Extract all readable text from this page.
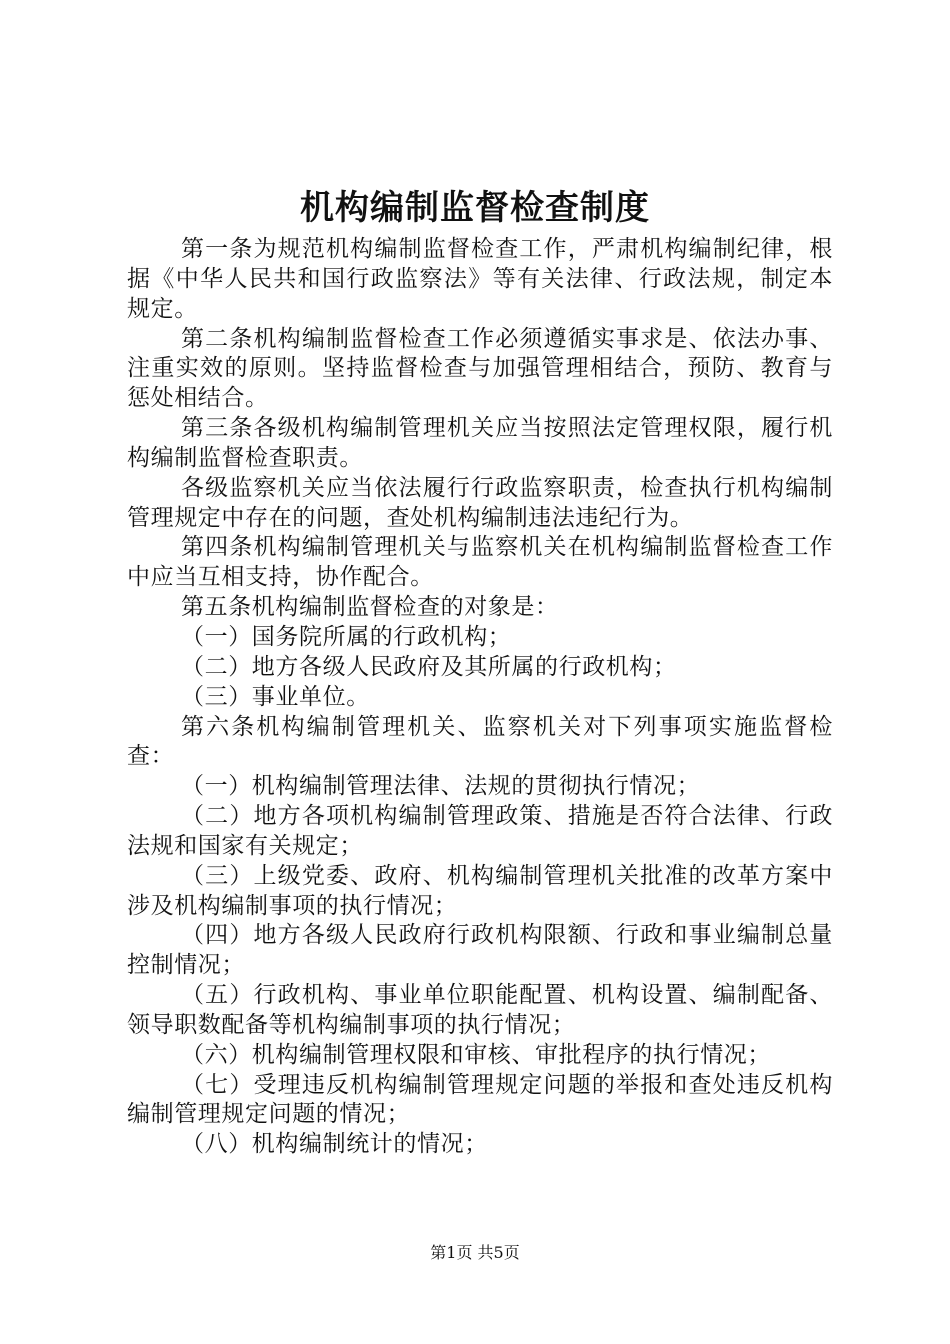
机构编制监督检查制度

第一条为规范机构编制监督检查工作，严肃机构编制纪律，根据《中华人民共和国行政监察法》等有关法律、行政法规，制定本规定。

第二条机构编制监督检查工作必须遵循实事求是、依法办事、注重实效的原则。坚持监督检查与加强管理相结合，预防、教育与惩处相结合。

第三条各级机构编制管理机关应当按照法定管理权限，履行机构编制监督检查职责。

各级监察机关应当依法履行行政监察职责，检查执行机构编制管理规定中存在的问题，查处机构编制违法违纪行为。

第四条机构编制管理机关与监察机关在机构编制监督检查工作中应当互相支持，协作配合。

第五条机构编制监督检查的对象是：

（一）国务院所属的行政机构；

（二）地方各级人民政府及其所属的行政机构；

（三）事业单位。

第六条机构编制管理机关、监察机关对下列事项实施监督检查：

（一）机构编制管理法律、法规的贯彻执行情况；

（二）地方各项机构编制管理政策、措施是否符合法律、行政法规和国家有关规定；

（三）上级党委、政府、机构编制管理机关批准的改革方案中涉及机构编制事项的执行情况；

（四）地方各级人民政府行政机构限额、行政和事业编制总量控制情况；

（五）行政机构、事业单位职能配置、机构设置、编制配备、领导职数配备等机构编制事项的执行情况；

（六）机构编制管理权限和审核、审批程序的执行情况；

（七）受理违反机构编制管理规定问题的举报和查处违反机构编制管理规定问题的情况；

（八）机构编制统计的情况；

第1页 共5页
